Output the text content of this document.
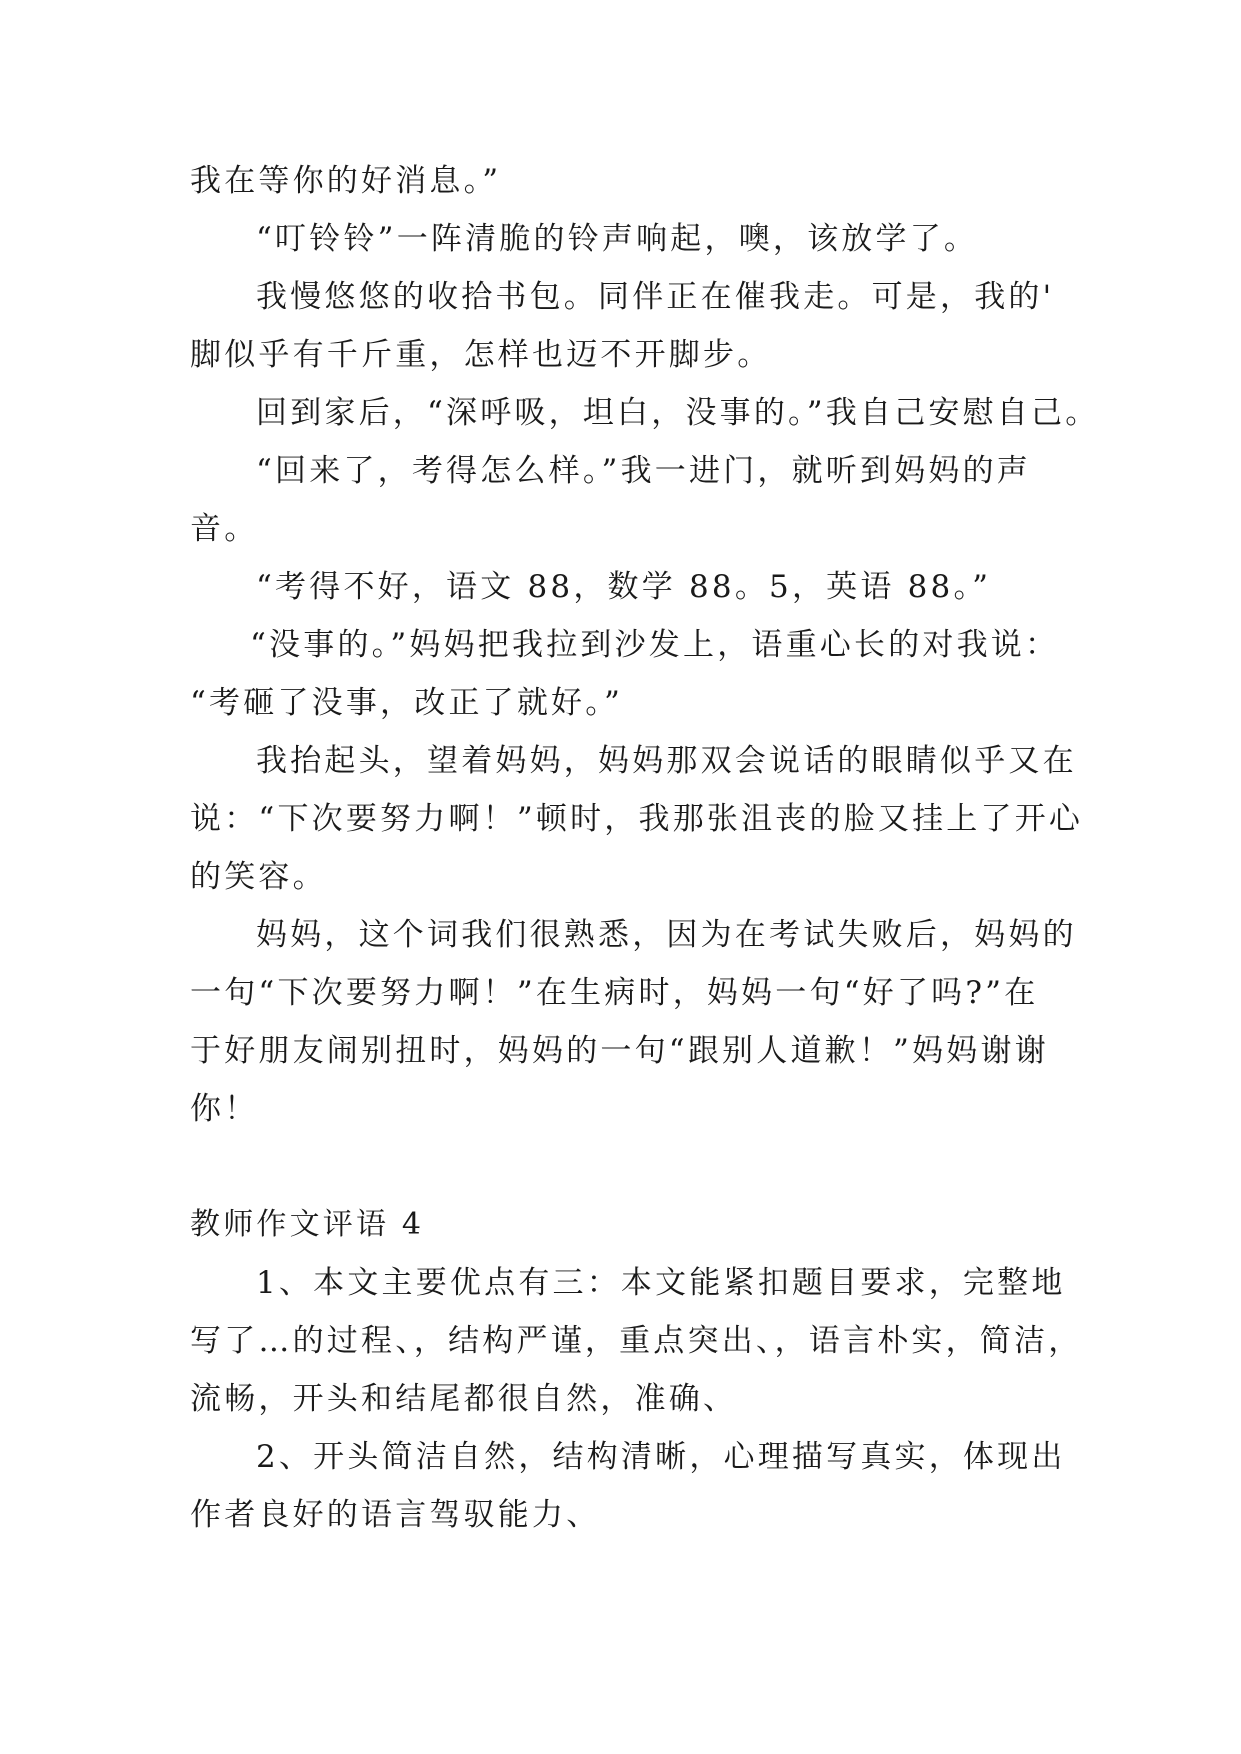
我在等你的好消息。”
“叮铃铃”一阵清脆的铃声响起，噢，该放学了。
我慢悠悠的收拾书包。同伴正在催我走。可是，我的'
脚似乎有千斤重，怎样也迈不开脚步。
回到家后，“深呼吸，坦白，没事的。”我自己安慰自己。
“回来了，考得怎么样。”我一进门，就听到妈妈的声
音。
“考得不好，语文 88，数学 88。5，英语 88。”
“没事的。”妈妈把我拉到沙发上，语重心长的对我说：
“考砸了没事，改正了就好。”
我抬起头，望着妈妈，妈妈那双会说话的眼睛似乎又在
说：“下次要努力啊！”顿时，我那张沮丧的脸又挂上了开心
的笑容。
妈妈，这个词我们很熟悉，因为在考试失败后，妈妈的
一句“下次要努力啊！”在生病时，妈妈一句“好了吗?”在
于好朋友闹别扭时，妈妈的一句“跟别人道歉！”妈妈谢谢
你！
教师作文评语 4
1、本文主要优点有三：本文能紧扣题目要求，完整地
写了…的过程、，结构严谨，重点突出、，语言朴实，简洁，
流畅，开头和结尾都很自然，准确、
2、开头简洁自然，结构清晰，心理描写真实，体现出
作者良好的语言驾驭能力、
